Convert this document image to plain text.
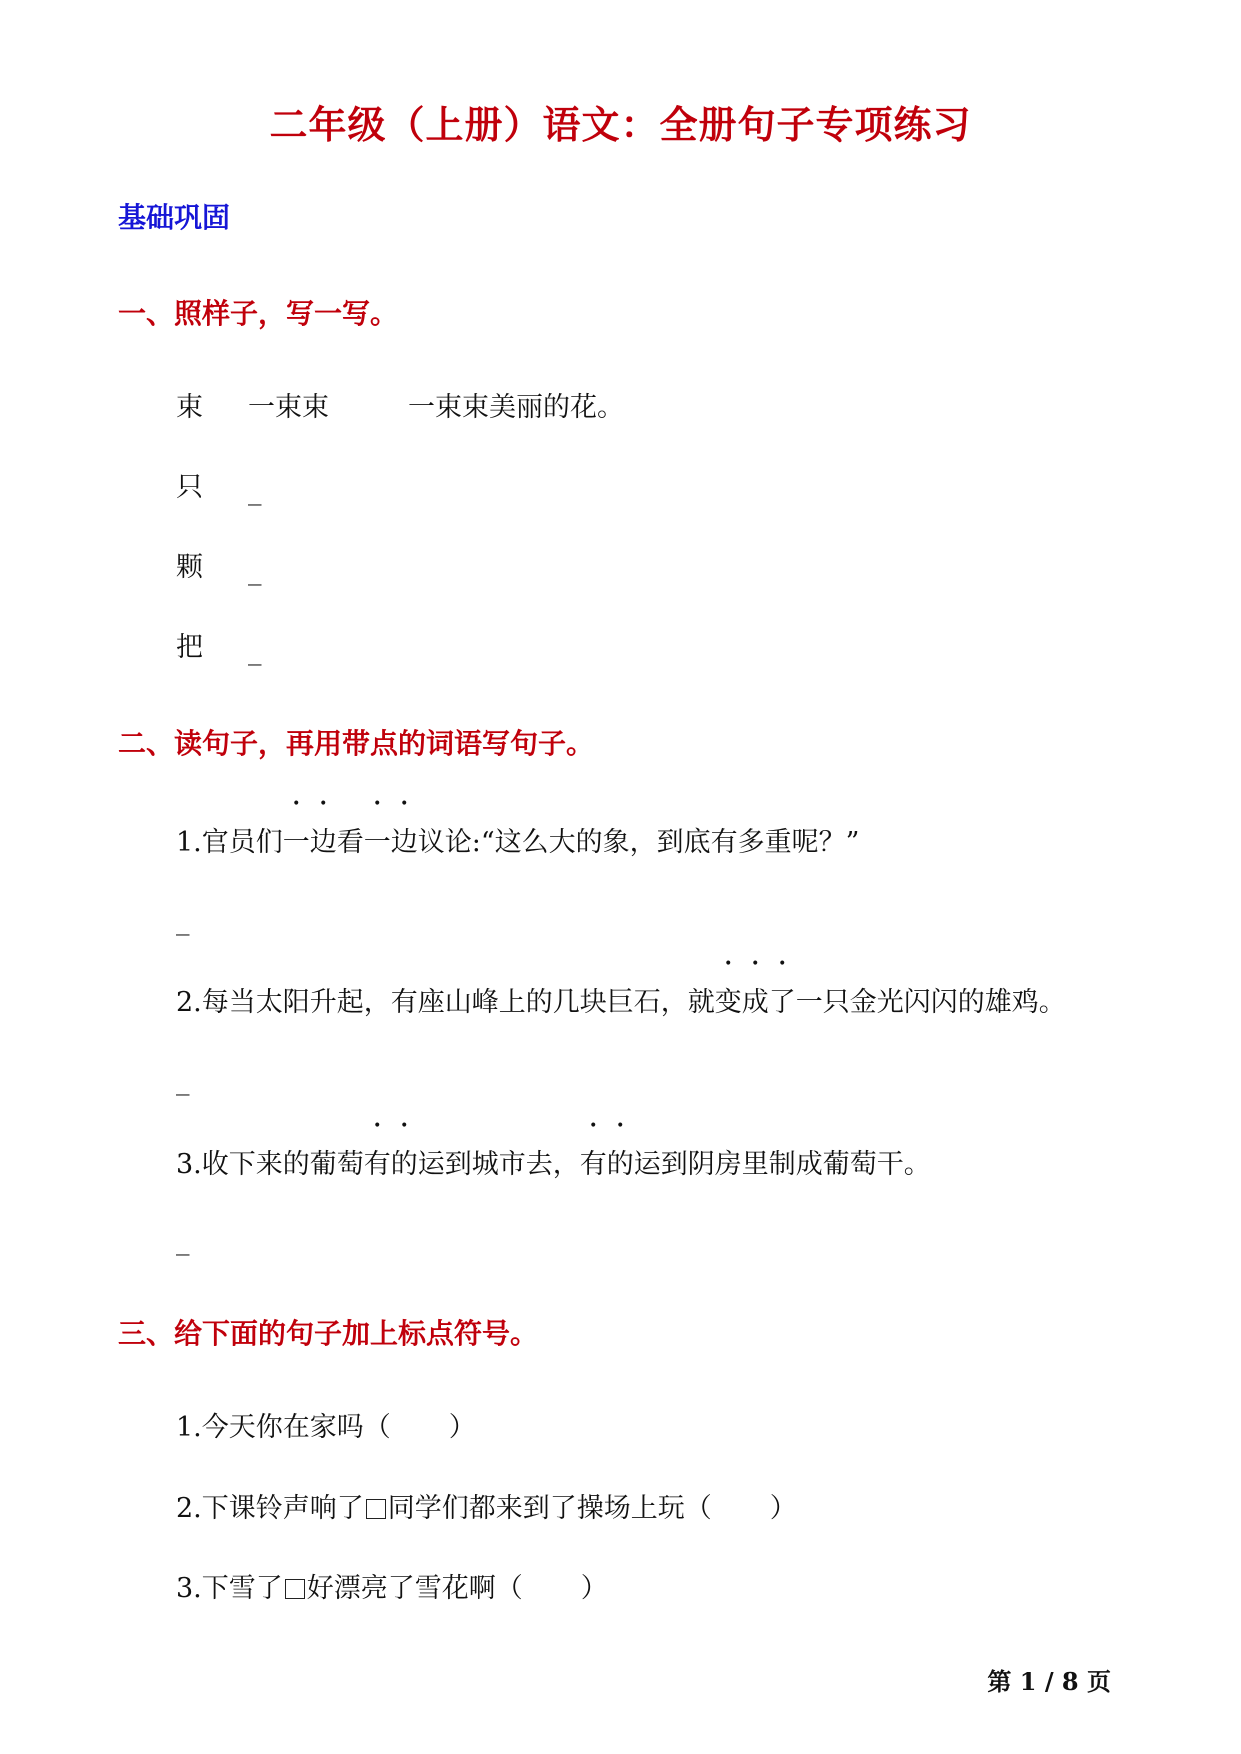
二年级（上册）语文：全册句子专项练习
基础巩固
一、照样子，写一写。
束 一束束	一束束美丽的花。
只 _
颗 _
把 _
二、读句子，再用带点的词语写句子。
1.官员们一边看一边议论:“这么大的象，到底有多重呢？”
_
2.每当太阳升起，有座山峰上的几块巨石，就变成了一只金光闪闪的雄鸡。
_
3.收下来的葡萄有的运到城市去，有的运到阴房里制成葡萄干。
_
三、给下面的句子加上标点符号。
1.今天你在家吗（ ）
2.下课铃声响了 同学们都来到了操场上玩（ ）
3.下雪了 好漂亮了雪花啊（ ）
第 1 / 8 页
